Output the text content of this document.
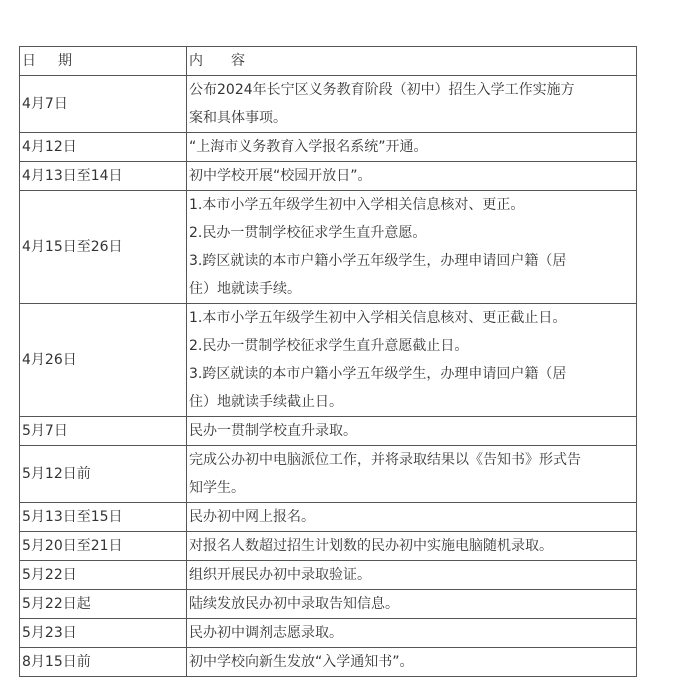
日期	内容
4月7日	公布2024年长宁区义务教育阶段（初中）招生入学工作实施方
案和具体事项。

4月12日	“上海市义务教育入学报名系统”开通。

4月13日至14日	初中学校开展“校园开放日”。

4月15日至26日	1.本市小学五年级学生初中入学相关信息核对、更正。
2.民办一贯制学校征求学生直升意愿。
3.跨区就读的本市户籍小学五年级学生，办理申请回户籍（居
住）地就读手续。

4月26日	1.本市小学五年级学生初中入学相关信息核对、更正截止日。
2.民办一贯制学校征求学生直升意愿截止日。
3.跨区就读的本市户籍小学五年级学生，办理申请回户籍（居
住）地就读手续截止日。

5月7日	民办一贯制学校直升录取。

5月12日前	完成公办初中电脑派位工作，并将录取结果以《告知书》形式告
知学生。

5月13日至15日	民办初中网上报名。

5月20日至21日	对报名人数超过招生计划数的民办初中实施电脑随机录取。

5月22日	组织开展民办初中录取验证。

5月22日起	陆续发放民办初中录取告知信息。

5月23日	民办初中调剂志愿录取。

8月15日前	初中学校向新生发放“入学通知书”。
